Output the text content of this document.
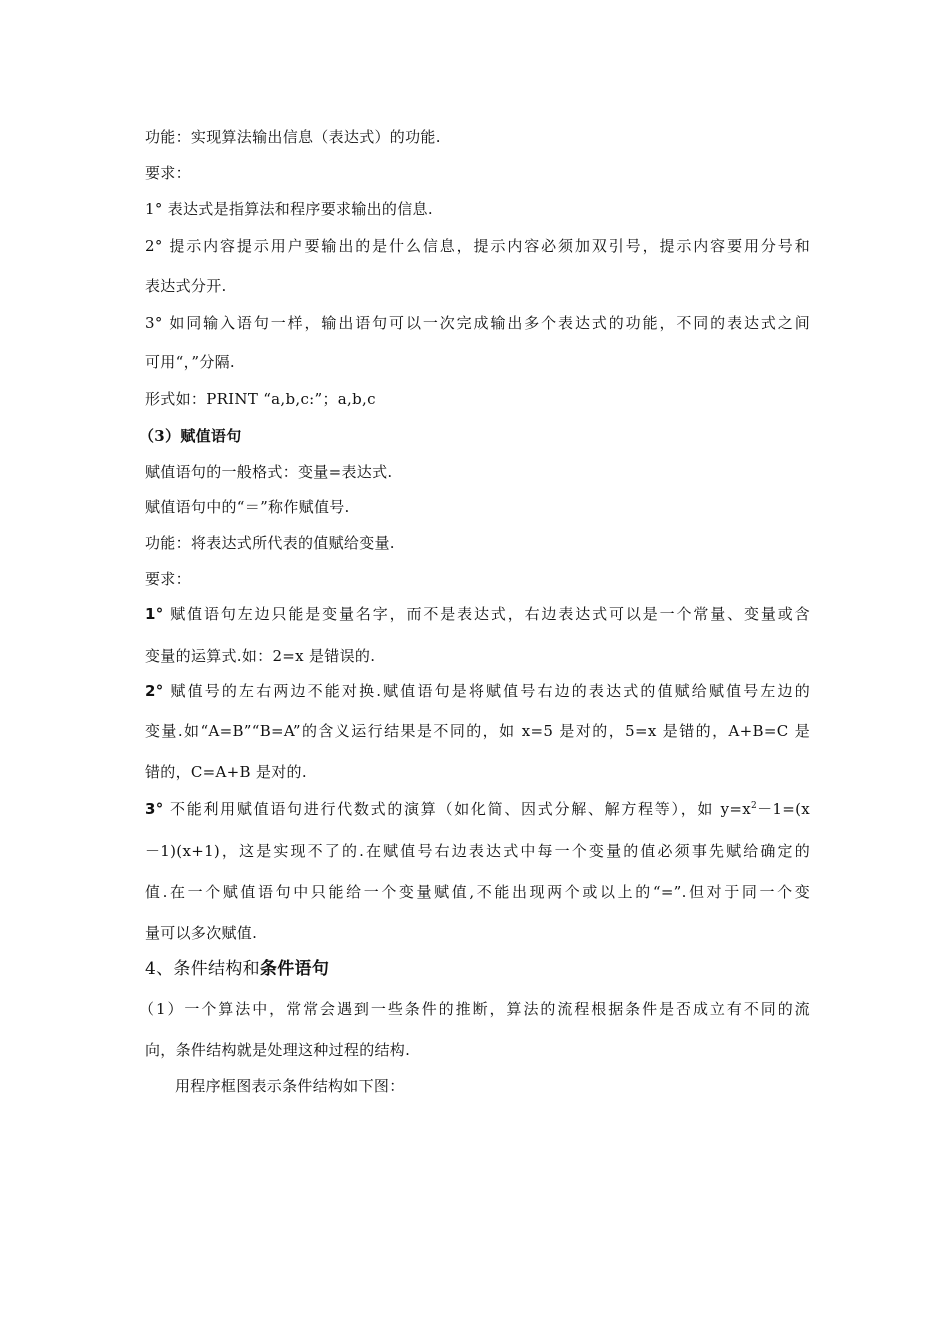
功能：实现算法输出信息（表达式）的功能.
要求：
1° 表达式是指算法和程序要求输出的信息.
2° 提示内容提示用户要输出的是什么信息，提示内容必须加双引号，提示内容要用分号和
表达式分开.
3° 如同输入语句一样，输出语句可以一次完成输出多个表达式的功能，不同的表达式之间
可用“，”分隔.
形式如：PRINT “a,b,c:”；a,b,c
（3）赋值语句
赋值语句的一般格式：变量=表达式.
赋值语句中的“＝”称作赋值号.
功能：将表达式所代表的值赋给变量.
要求：
1° 赋值语句左边只能是变量名字，而不是表达式，右边表达式可以是一个常量、变量或含
变量的运算式.如：2=x 是错误的.
2° 赋值号的左右两边不能对换.赋值语句是将赋值号右边的表达式的值赋给赋值号左边的
变量.如“A=B”“B=A”的含义运行结果是不同的，如 x=5 是对的，5=x 是错的，A+B=C 是
错的，C=A+B 是对的.
3° 不能利用赋值语句进行代数式的演算（如化简、因式分解、解方程等），如 $y=x^2-1=(x$
－1)(x+1)，这是实现不了的.在赋值号右边表达式中每一个变量的值必须事先赋给确定的
值.在一个赋值语句中只能给一个变量赋值,不能出现两个或以上的“=”.但对于同一个变
量可以多次赋值.
4、条件结构和条件语句
（1）一个算法中，常常会遇到一些条件的推断，算法的流程根据条件是否成立有不同的流
向，条件结构就是处理这种过程的结构.
用程序框图表示条件结构如下图：
